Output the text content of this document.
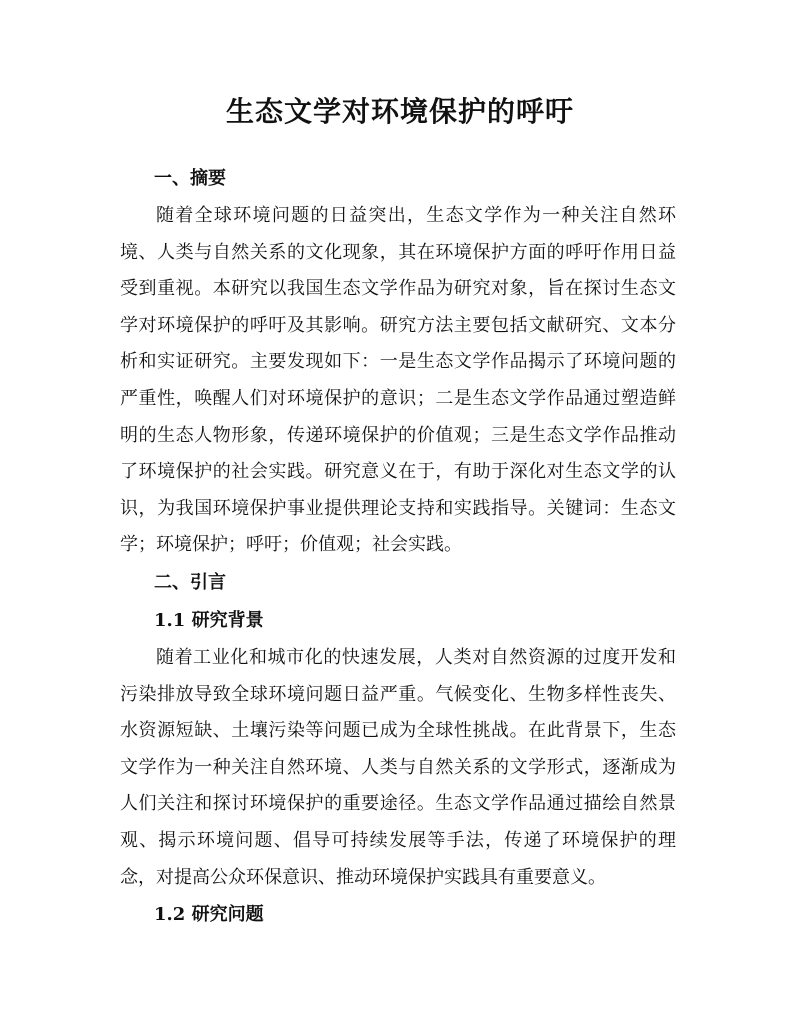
生态文学对环境保护的呼吁
一、摘要

随着全球环境问题的日益突出，生态文学作为一种关注自然环境、人类与自然关系的文化现象，其在环境保护方面的呼吁作用日益受到重视。本研究以我国生态文学作品为研究对象，旨在探讨生态文学对环境保护的呼吁及其影响。研究方法主要包括文献研究、文本分析和实证研究。主要发现如下：一是生态文学作品揭示了环境问题的严重性，唤醒人们对环境保护的意识；二是生态文学作品通过塑造鲜明的生态人物形象，传递环境保护的价值观；三是生态文学作品推动了环境保护的社会实践。研究意义在于，有助于深化对生态文学的认识，为我国环境保护事业提供理论支持和实践指导。关键词：生态文学；环境保护；呼吁；价值观；社会实践。

二、引言
1.1 研究背景

随着工业化和城市化的快速发展，人类对自然资源的过度开发和污染排放导致全球环境问题日益严重。气候变化、生物多样性丧失、水资源短缺、土壤污染等问题已成为全球性挑战。在此背景下，生态文学作为一种关注自然环境、人类与自然关系的文学形式，逐渐成为人们关注和探讨环境保护的重要途径。生态文学作品通过描绘自然景观、揭示环境问题、倡导可持续发展等手法，传递了环境保护的理念，对提高公众环保意识、推动环境保护实践具有重要意义。

1.2 研究问题
